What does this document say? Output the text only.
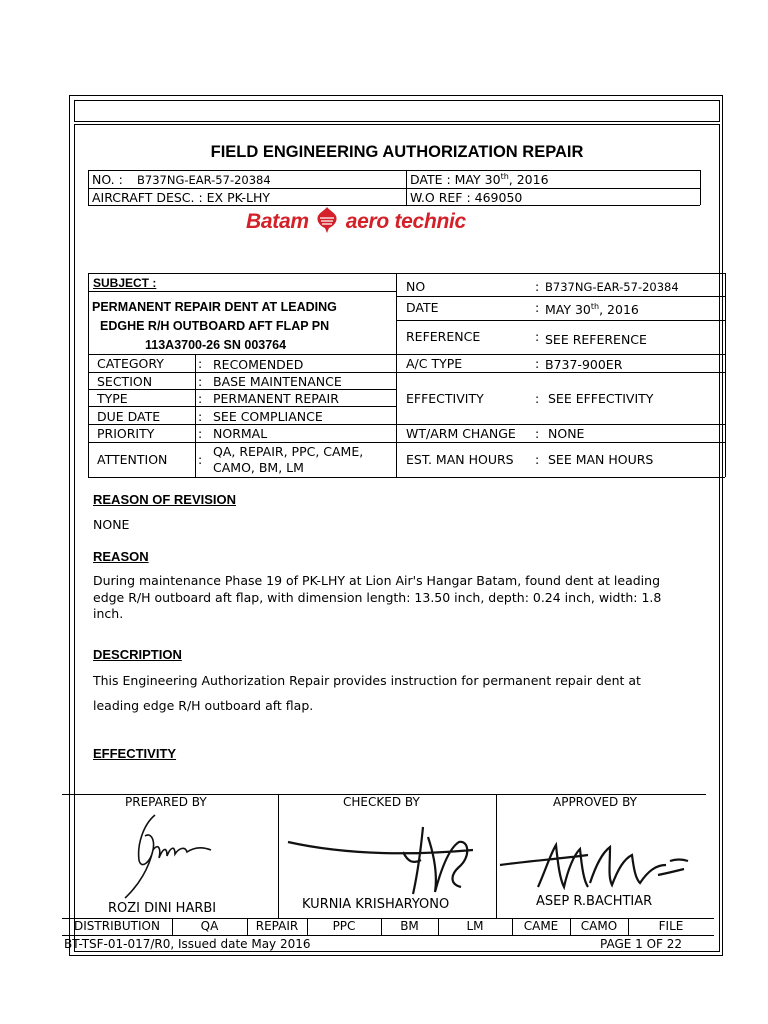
FIELD ENGINEERING AUTHORIZATION REPAIR
NO. : B737NG-EAR-57-20384	DATE : MAY 30th, 2016
AIRCRAFT DESC. : EX PK-LHY	W.O REF : 469050
Batam aero technic
SUBJECT :
PERMANENT REPAIR DENT AT LEADING
EDGHE R/H OUTBOARD AFT FLAP PN
113A3700-26 SN 003764
CATEGORY	: RECOMENDED
SECTION	: BASE MAINTENANCE
TYPE	: PERMANENT REPAIR
DUE DATE	: SEE COMPLIANCE
PRIORITY	: NORMAL
ATTENTION :
QA, REPAIR, PPC, CAME,
CAMO, BM, LM
NO	: B737NG-EAR-57-20384
DATE	: MAY 30th, 2016
REFERENCE	: SEE REFERENCE
A/C TYPE	: B737-900ER
EFFECTIVITY	: SEE EFFECTIVITY
WT/ARM CHANGE : NONE
EST. MAN HOURS : SEE MAN HOURS
REASON OF REVISION
NONE
REASON
During maintenance Phase 19 of PK-LHY at Lion Air's Hangar Batam, found dent at leading edge R/H outboard aft flap, with dimension length: 13.50 inch, depth: 0.24 inch, width: 1.8 inch.
DESCRIPTION
This Engineering Authorization Repair provides instruction for permanent repair dent at
leading edge R/H outboard aft flap.
EFFECTIVITY
PREPARED BY	CHECKED BY	APPROVED BY
ROZI DINI HARBI	KURNIA KRISHARYONO	ASEP R.BACHTIAR
DISTRIBUTION	QA	REPAIR	PPC	BM	LM	CAME	CAMO	FILE
BT-TSF-01-017/R0, Issued date May 2016	PAGE 1 OF 22
